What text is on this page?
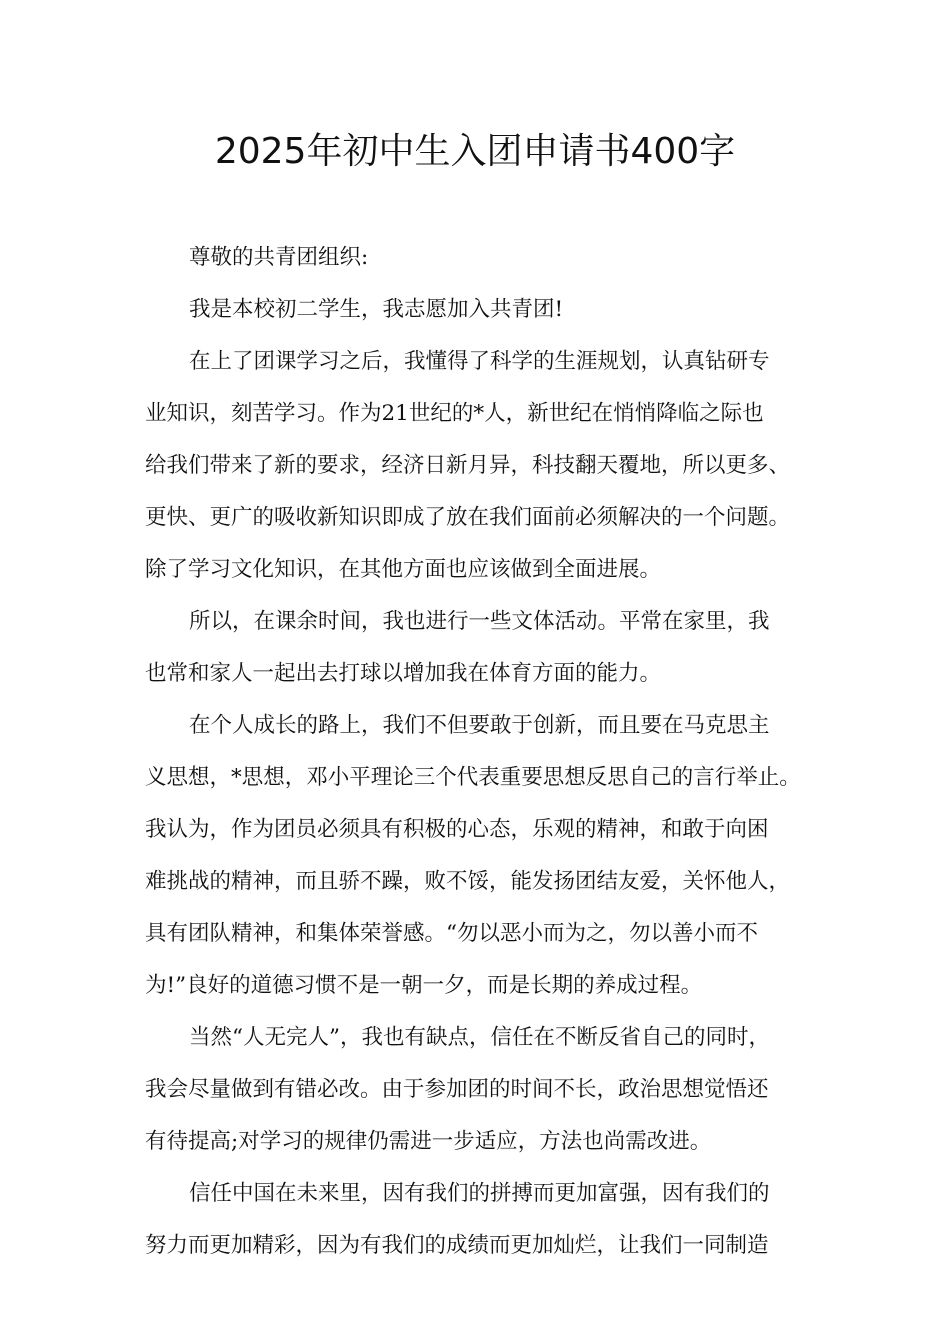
2025年初中生入团申请书400字
尊敬的共青团组织:
我是本校初二学生，我志愿加入共青团!
在上了团课学习之后，我懂得了科学的生涯规划，认真钻研专
业知识，刻苦学习。作为21世纪的*人，新世纪在悄悄降临之际也
给我们带来了新的要求，经济日新月异，科技翻天覆地，所以更多、
更快、更广的吸收新知识即成了放在我们面前必须解决的一个问题。
除了学习文化知识，在其他方面也应该做到全面进展。
所以，在课余时间，我也进行一些文体活动。平常在家里，我
也常和家人一起出去打球以增加我在体育方面的能力。
在个人成长的路上，我们不但要敢于创新，而且要在马克思主
义思想，*思想，邓小平理论三个代表重要思想反思自己的言行举止。
我认为，作为团员必须具有积极的心态，乐观的精神，和敢于向困
难挑战的精神，而且骄不躁，败不馁，能发扬团结友爱，关怀他人，
具有团队精神，和集体荣誉感。“勿以恶小而为之，勿以善小而不
为!”良好的道德习惯不是一朝一夕，而是长期的养成过程。
当然“人无完人”，我也有缺点，信任在不断反省自己的同时，
我会尽量做到有错必改。由于参加团的时间不长，政治思想觉悟还
有待提高;对学习的规律仍需进一步适应，方法也尚需改进。
信任中国在未来里，因有我们的拼搏而更加富强，因有我们的
努力而更加精彩，因为有我们的成绩而更加灿烂，让我们一同制造
